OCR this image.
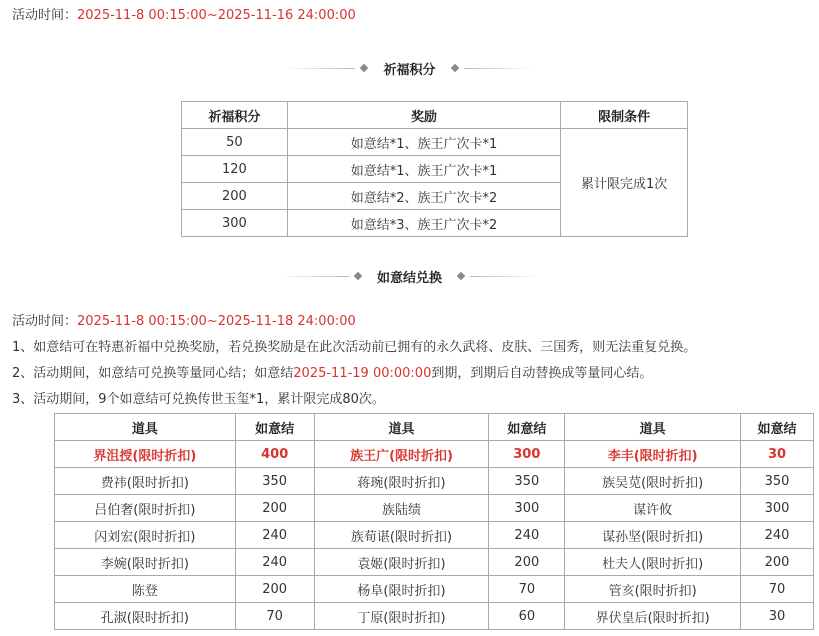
活动时间：2025-11-8 00:15:00~2025-11-16 24:00:00
祈福积分
祈福积分	奖励	限制条件
50	如意结*1、族王广次卡*1	累计限完成1次
120	如意结*1、族王广次卡*1	
200	如意结*2、族王广次卡*2	
300	如意结*3、族王广次卡*2	
如意结兑换
活动时间：2025-11-8 00:15:00~2025-11-18 24:00:00
1、如意结可在特惠祈福中兑换奖励，若兑换奖励是在此次活动前已拥有的永久武将、皮肤、三国秀，则无法重复兑换。
2、活动期间，如意结可兑换等量同心结；如意结2025-11-19 00:00:00到期，到期后自动替换成等量同心结。
3、活动期间，9个如意结可兑换传世玉玺*1，累计限完成80次。
道具	如意结	道具	如意结	道具	如意结
界沮授(限时折扣)	400	族王广(限时折扣)	300	李丰(限时折扣)	30
费祎(限时折扣)	350	蒋琬(限时折扣)	350	族吴苋(限时折扣)	350
吕伯奢(限时折扣)	200	族陆绩	300	谋许攸	300
闪刘宏(限时折扣)	240	族荀谌(限时折扣)	240	谋孙坚(限时折扣)	240
李婉(限时折扣)	240	袁姬(限时折扣)	200	杜夫人(限时折扣)	200
陈登	200	杨阜(限时折扣)	70	管亥(限时折扣)	70
孔淑(限时折扣)	70	丁原(限时折扣)	60	界伏皇后(限时折扣)	30
